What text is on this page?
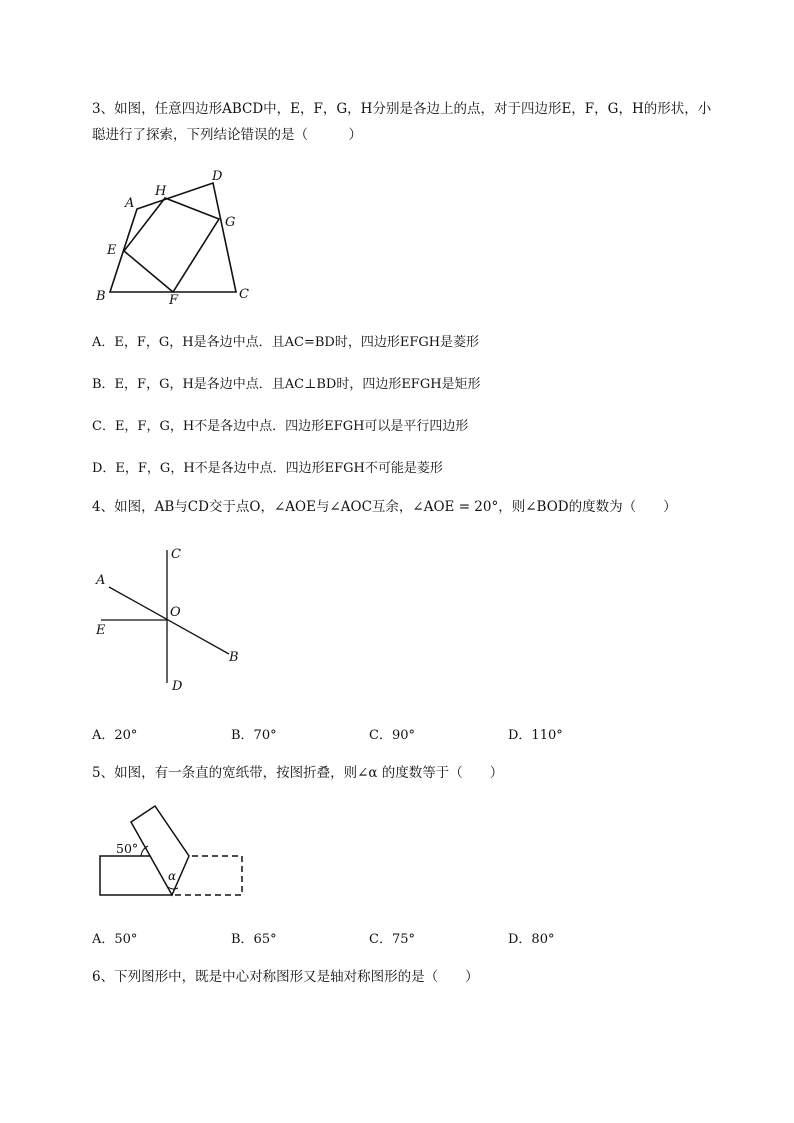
3、如图，任意四边形ABCD中，E，F，G，H分别是各边上的点，对于四边形E，F，G，H的形状，小
聪进行了探索，下列结论错误的是（　　　）
A
H
D
G
E
B	F	C
A．E，F，G，H是各边中点．且AC=BD时，四边形EFGH是菱形
B．E，F，G，H是各边中点．且AC⊥BD时，四边形EFGH是矩形
C．E，F，G，H不是各边中点．四边形EFGH可以是平行四边形
D．E，F，G，H不是各边中点．四边形EFGH不可能是菱形
4、如图，AB与CD交于点O，∠AOE与∠AOC互余，∠AOE = 20°，则∠BOD的度数为（　　）
C
A
O
E
B
D
A．20°	B．70°	C．90°	D．110°
5、如图，有一条直的宽纸带，按图折叠，则∠α 的度数等于（　　）
50°
α
A．50°	B．65°	C．75°	D．80°
6、下列图形中，既是中心对称图形又是轴对称图形的是（　　）
